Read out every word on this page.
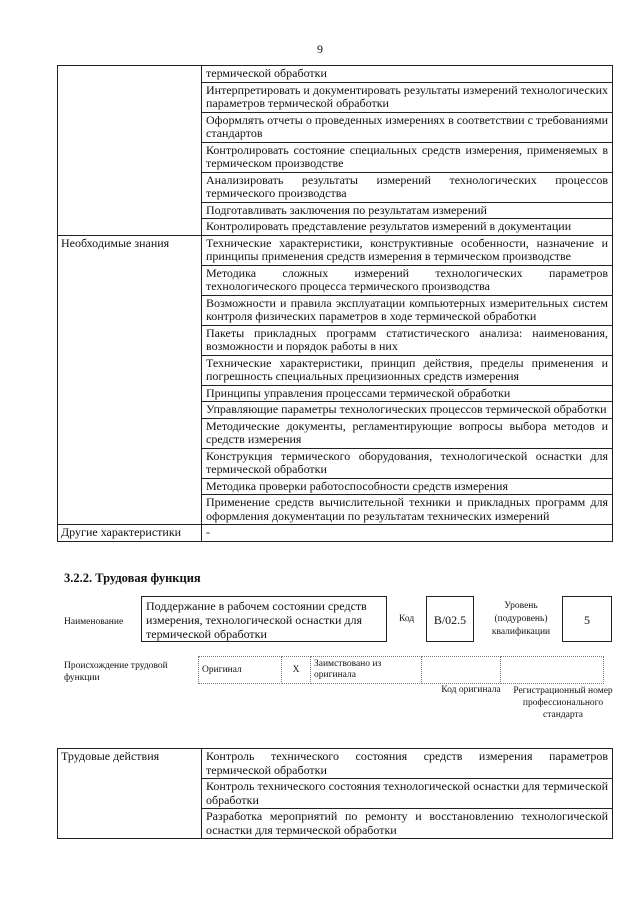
9
	термической обработки
	Интерпретировать и документировать результаты измерений технологических параметров термической обработки
	Оформлять отчеты о проведенных измерениях в соответствии с требованиями стандартов
	Контролировать состояние специальных средств измерения, применяемых в термическом производстве
	Анализировать результаты измерений технологических процессов термического производства
	Подготавливать заключения по результатам измерений
	Контролировать представление результатов измерений в документации
Необходимые знания	Технические характеристики, конструктивные особенности, назначение и принципы применения средств измерения в термическом производстве
	Методика сложных измерений технологических параметров технологического процесса термического производства
	Возможности и правила эксплуатации компьютерных измерительных систем контроля физических параметров в ходе термической обработки
	Пакеты прикладных программ статистического анализа: наименования, возможности и порядок работы в них
	Технические характеристики, принцип действия, пределы применения и погрешность специальных прецизионных средств измерения
	Принципы управления процессами термической обработки
	Управляющие параметры технологических процессов термической обработки
	Методические документы, регламентирующие вопросы выбора методов и средств измерения
	Конструкция термического оборудования, технологической оснастки для термической обработки
	Методика проверки работоспособности средств измерения
	Применение средств вычислительной техники и прикладных программ для оформления документации по результатам технических измерений
Другие характеристики	-
3.2.2. Трудовая функция
Наименование
Поддержание в рабочем состоянии средств измерения, технологической оснастки для термической обработки
Код	B/02.5
Уровень (подуровень) квалификации
5
Происхождение трудовой функции
Оригинал	X	Заимствовано из оригинала		
Код оригинала	Регистрационный номер профессионального стандарта
Трудовые действия	Контроль технического состояния средств измерения параметров термической обработки
Контроль технического состояния технологической оснастки для термической обработки
Разработка мероприятий по ремонту и восстановлению технологической оснастки для термической обработки
